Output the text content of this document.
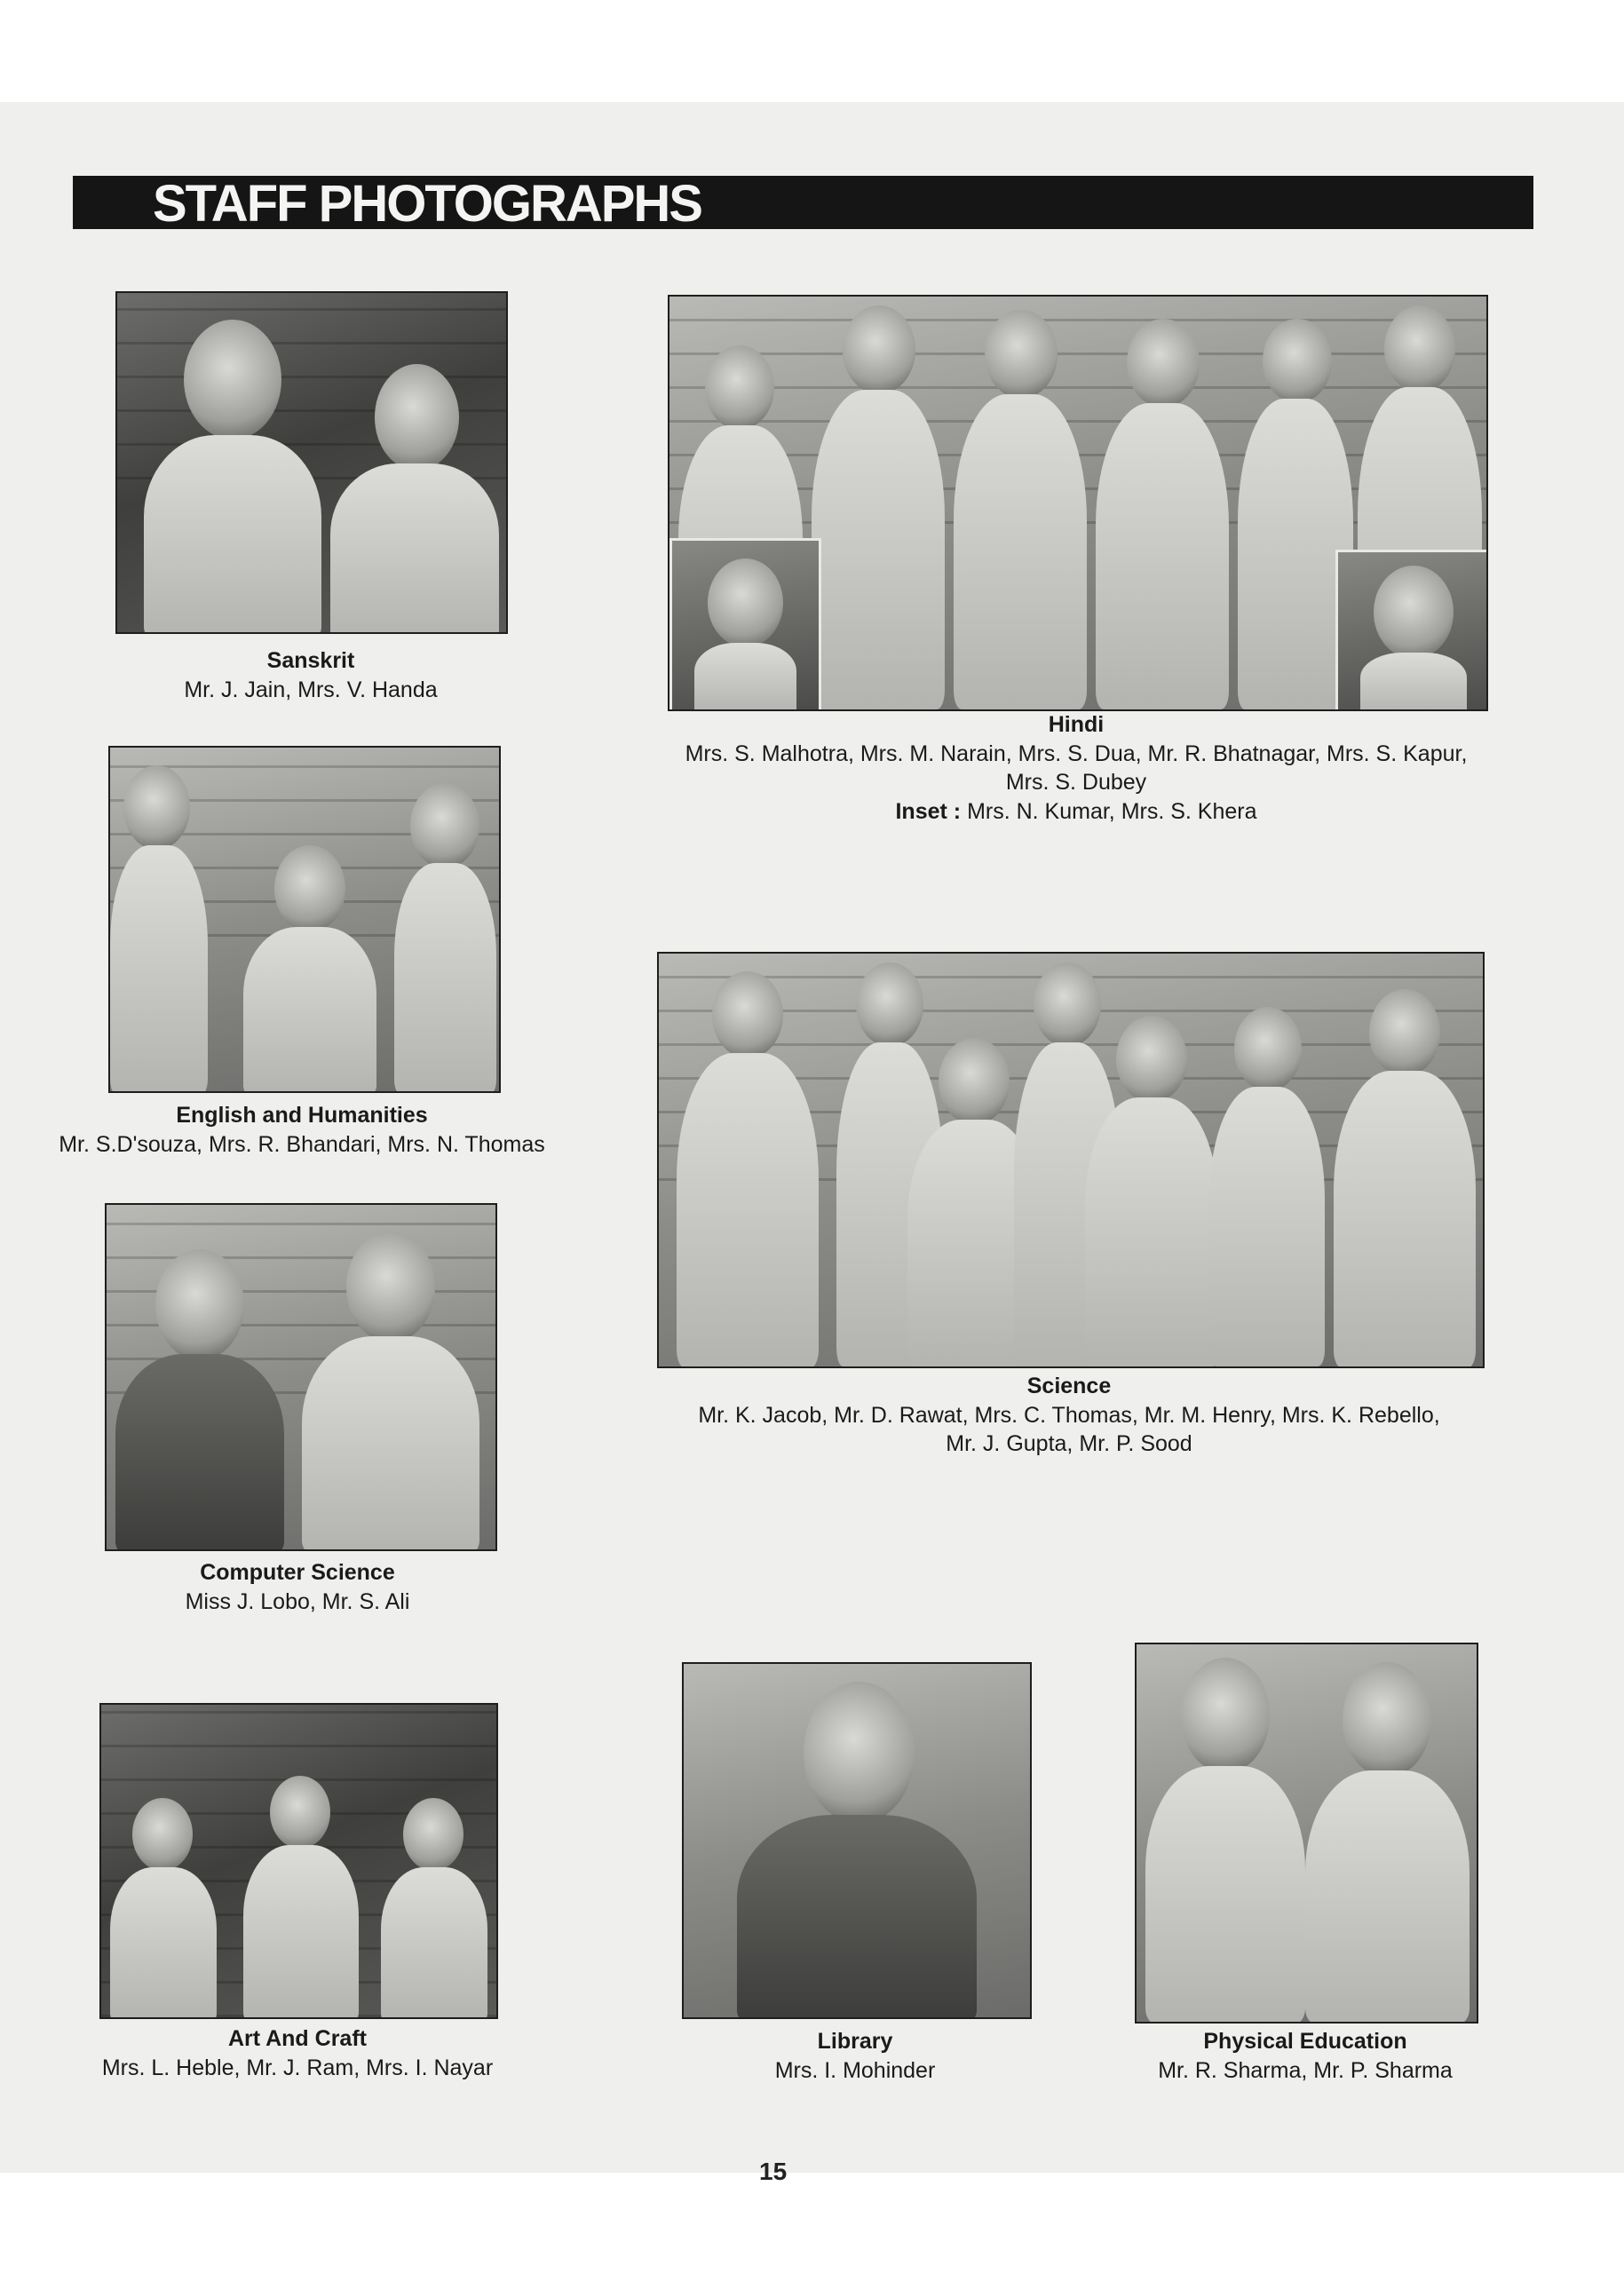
STAFF PHOTOGRAPHS
Sanskrit
Mr. J. Jain, Mrs. V. Handa
Hindi
Mrs. S. Malhotra, Mrs. M. Narain, Mrs. S. Dua, Mr. R. Bhatnagar, Mrs. S. Kapur,
Mrs. S. Dubey
Inset : Mrs. N. Kumar, Mrs. S. Khera
English and Humanities
Mr. S.D'souza, Mrs. R. Bhandari, Mrs. N. Thomas
Science
Mr. K. Jacob, Mr. D. Rawat, Mrs. C. Thomas, Mr. M. Henry, Mrs. K. Rebello,
Mr. J. Gupta, Mr. P. Sood
Computer Science
Miss J. Lobo, Mr. S. Ali
Art And Craft
Mrs. L. Heble, Mr. J. Ram, Mrs. I. Nayar
Library
Mrs. I. Mohinder
Physical Education
Mr. R. Sharma, Mr. P. Sharma
15
